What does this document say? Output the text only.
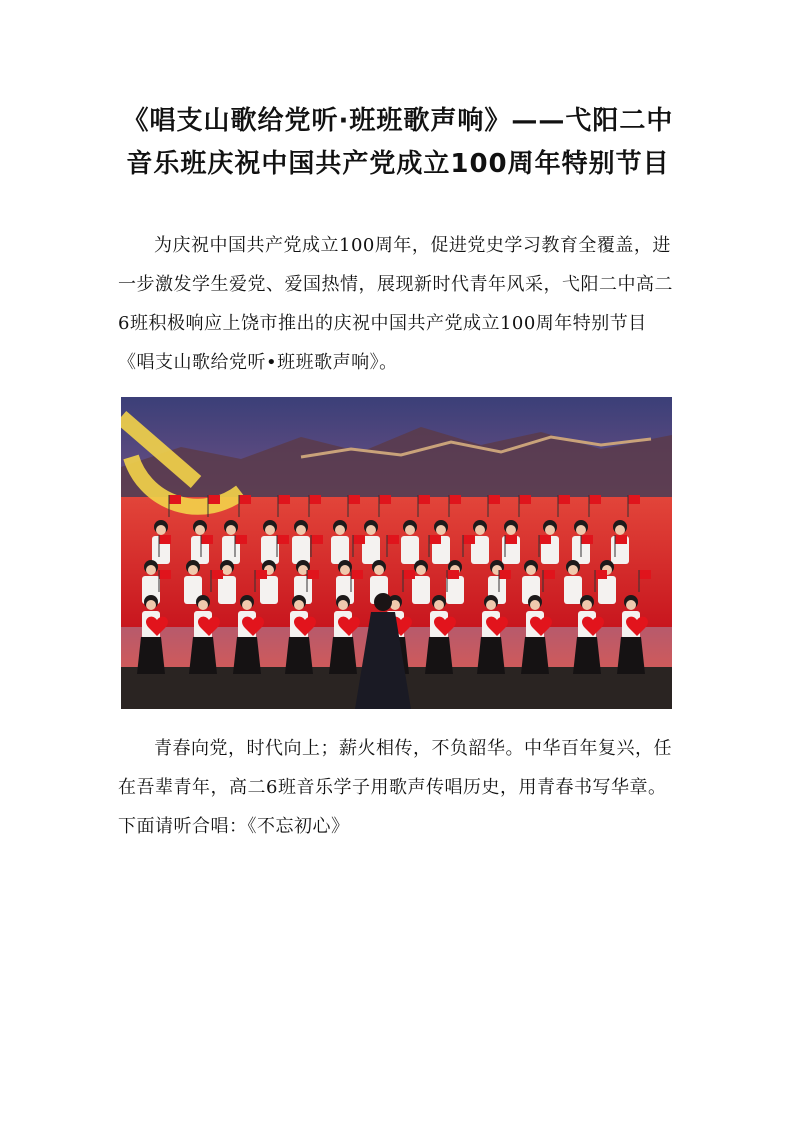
《唱支山歌给党听·班班歌声响》——弋阳二中音乐班庆祝中国共产党成立100周年特别节目

为庆祝中国共产党成立100周年，促进党史学习教育全覆盖，进一步激发学生爱党、爱国热情，展现新时代青年风采，弋阳二中高二6班积极响应上饶市推出的庆祝中国共产党成立100周年特别节目《唱支山歌给党听•班班歌声响》。

青春向党，时代向上；薪火相传，不负韶华。中华百年复兴，任在吾辈青年，高二6班音乐学子用歌声传唱历史，用青春书写华章。下面请听合唱：《不忘初心》
